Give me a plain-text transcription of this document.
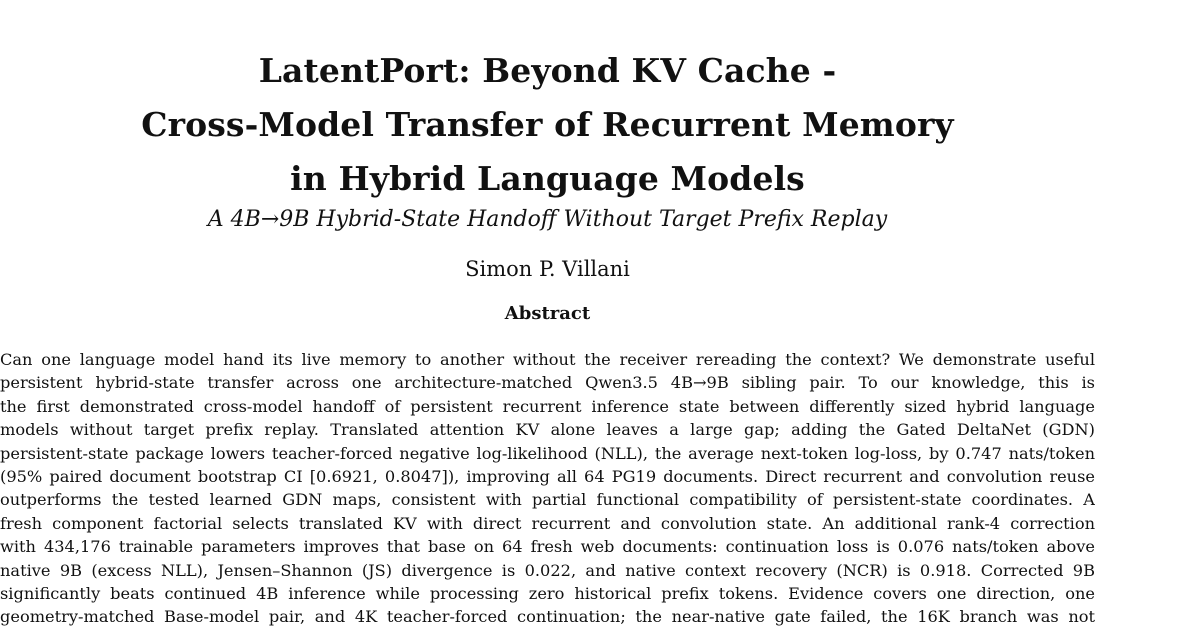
LatentPort: Beyond KV Cache -
Cross-Model Transfer of Recurrent Memory
in Hybrid Language Models

A 4B→9B Hybrid-State Handoff Without Target Prefix Replay

Simon P. Villani

Abstract
Can one language model hand its live memory to another without the receiver rereading the context? We demonstrate useful
persistent hybrid-state transfer across one architecture-matched Qwen3.5 4B→9B sibling pair. To our knowledge, this is
the first demonstrated cross-model handoff of persistent recurrent inference state between differently sized hybrid language
models without target prefix replay. Translated attention KV alone leaves a large gap; adding the Gated DeltaNet (GDN)
persistent-state package lowers teacher-forced negative log-likelihood (NLL), the average next-token log-loss, by 0.747 nats/token
(95% paired document bootstrap CI [0.6921, 0.8047]), improving all 64 PG19 documents. Direct recurrent and convolution reuse
outperforms the tested learned GDN maps, consistent with partial functional compatibility of persistent-state coordinates. A
fresh component factorial selects translated KV with direct recurrent and convolution state. An additional rank-4 correction
with 434,176 trainable parameters improves that base on 64 fresh web documents: continuation loss is 0.076 nats/token above
native 9B (excess NLL), Jensen–Shannon (JS) divergence is 0.022, and native context recovery (NCR) is 0.918. Corrected 9B
significantly beats continued 4B inference while processing zero historical prefix tokens. Evidence covers one direction, one
geometry-matched Base-model pair, and 4K teacher-forced continuation; the near-native gate failed, the 16K branch was not
